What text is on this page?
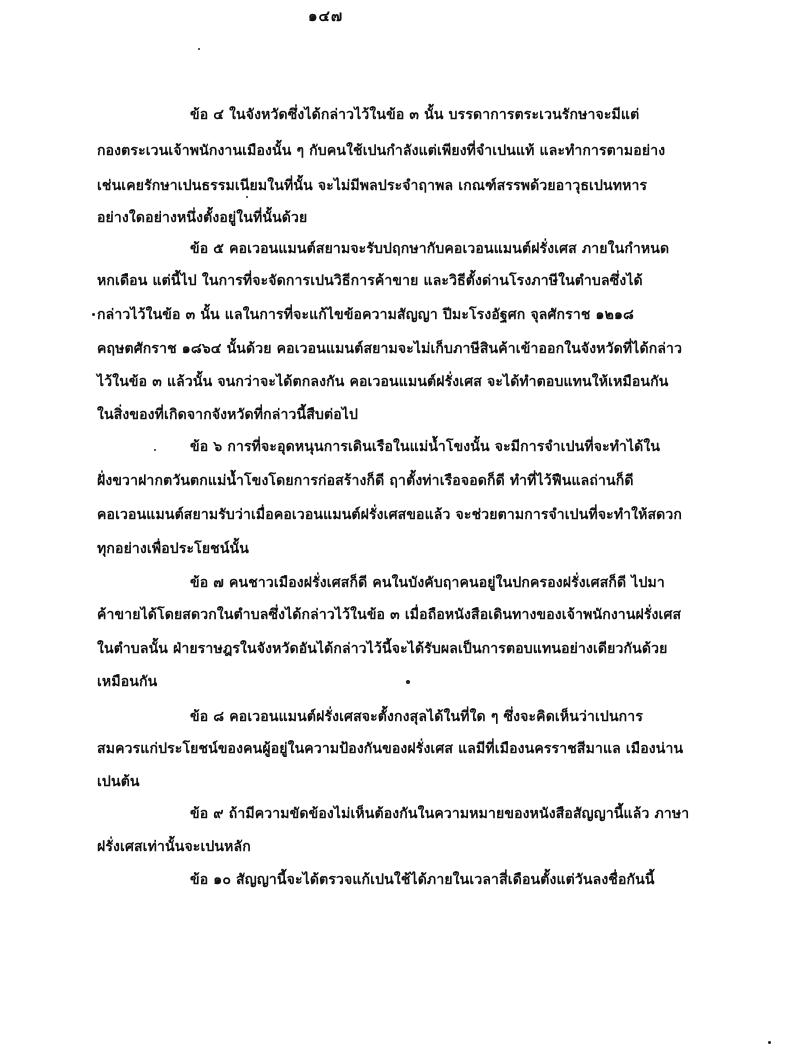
๑๔๗
ข้อ ๔ ในจังหวัดซึ่งได้กล่าวไว้ในข้อ ๓ นั้น บรรดาการตระเวนรักษาจะมีแต่
กองตระเวนเจ้าพนักงานเมืองนั้น ๆ กับคนใช้เปนกำลังแต่เพียงที่จำเปนแท้ และทำการตามอย่าง
เช่นเคยรักษาเปนธรรมเนียมในที่นั้น จะไม่มีพลประจำฤาพล เกณฑ์สรรพด้วยอาวุธเปนทหาร
อย่างใดอย่างหนึ่งตั้งอยู่ในที่นั้นด้วย
ข้อ ๕ คอเวอนแมนต์สยามจะรับปฤกษากับคอเวอนแมนต์ฝรั่งเศส ภายในกำหนด
หกเดือน แต่นี้ไป ในการที่จะจัดการเปนวิธีการค้าขาย และวิธีตั้งด่านโรงภาษีในตำบลซึ่งได้
กล่าวไว้ในข้อ ๓ นั้น แลในการที่จะแก้ไขข้อความสัญญา ปีมะโรงอัฐศก จุลศักราช ๑๒๑๘
คฤษตศักราช ๑๘๖๔ นั้นด้วย คอเวอนแมนต์สยามจะไม่เก็บภาษีสินค้าเข้าออกในจังหวัดที่ได้กล่าว
ไว้ในข้อ ๓ แล้วนั้น จนกว่าจะได้ตกลงกัน คอเวอนแมนต์ฝรั่งเศส จะได้ทำตอบแทนให้เหมือนกัน
ในสิ่งของที่เกิดจากจังหวัดที่กล่าวนี้สืบต่อไป
ข้อ ๖ การที่จะอุดหนุนการเดินเรือในแม่น้ำโขงนั้น จะมีการจำเปนที่จะทำได้ใน
ฝั่งขวาฝากตวันตกแม่น้ำโขงโดยการก่อสร้างก็ดี ฤาตั้งท่าเรือจอดก็ดี ทำที่ไว้ฟืนแลถ่านก็ดี
คอเวอนแมนต์สยามรับว่าเมื่อคอเวอนแมนต์ฝรั่งเศสขอแล้ว จะช่วยตามการจำเปนที่จะทำให้สดวก
ทุกอย่างเพื่อประโยชน์นั้น
ข้อ ๗ คนชาวเมืองฝรั่งเศสก็ดี คนในบังคับฤาคนอยู่ในปกครองฝรั่งเศสก็ดี ไปมา
ค้าขายได้โดยสดวกในตำบลซึ่งได้กล่าวไว้ในข้อ ๓ เมื่อถือหนังสือเดินทางของเจ้าพนักงานฝรั่งเศส
ในตำบลนั้น ฝ่ายราษฎรในจังหวัดอันได้กล่าวไว้นี้จะได้รับผลเป็นการตอบแทนอย่างเดียวกันด้วย
เหมือนกัน
ข้อ ๘ คอเวอนแมนต์ฝรั่งเศสจะตั้งกงสุลได้ในที่ใด ๆ ซึ่งจะคิดเห็นว่าเปนการ
สมควรแก่ประโยชน์ของคนผู้อยู่ในความป้องกันของฝรั่งเศส แลมีที่เมืองนครราชสีมาแล เมืองน่าน
เปนต้น
ข้อ ๙ ถ้ามีความขัดข้องไม่เห็นต้องกันในความหมายของหนังสือสัญญานี้แล้ว ภาษา
ฝรั่งเศสเท่านั้นจะเปนหลัก
ข้อ ๑๐ สัญญานี้จะได้ตรวจแก้เปนใช้ได้ภายในเวลาสี่เดือนตั้งแต่วันลงชื่อกันนี้
